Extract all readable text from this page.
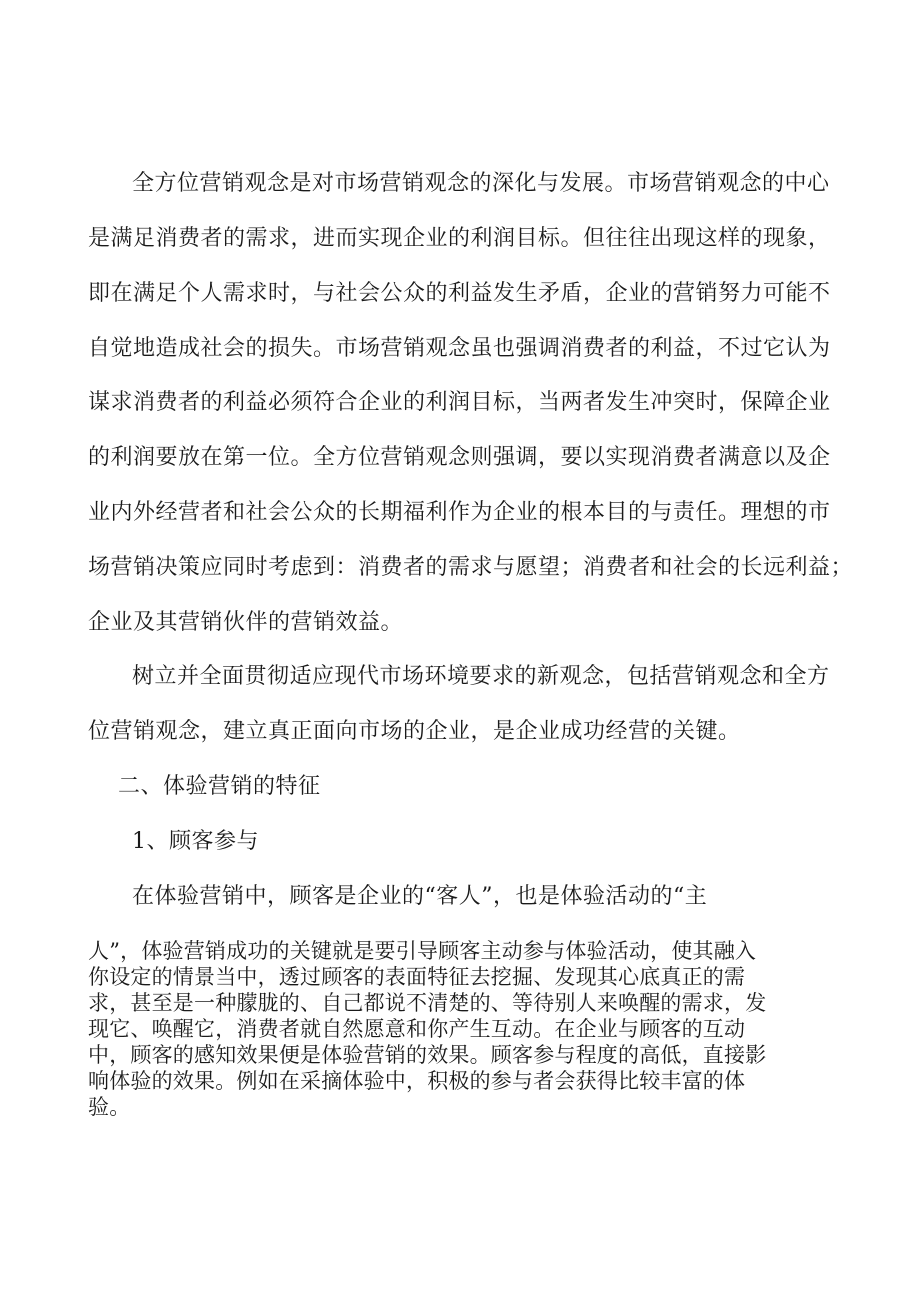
全方位营销观念是对市场营销观念的深化与发展。市场营销观念的中心
是满足消费者的需求，进而实现企业的利润目标。但往往出现这样的现象，
即在满足个人需求时，与社会公众的利益发生矛盾，企业的营销努力可能不
自觉地造成社会的损失。市场营销观念虽也强调消费者的利益，不过它认为
谋求消费者的利益必须符合企业的利润目标，当两者发生冲突时，保障企业
的利润要放在第一位。全方位营销观念则强调，要以实现消费者满意以及企
业内外经营者和社会公众的长期福利作为企业的根本目的与责任。理想的市
场营销决策应同时考虑到：消费者的需求与愿望；消费者和社会的长远利益；
企业及其营销伙伴的营销效益。
树立并全面贯彻适应现代市场环境要求的新观念，包括营销观念和全方
位营销观念，建立真正面向市场的企业，是企业成功经营的关键。
二、体验营销的特征
1、顾客参与
在体验营销中，顾客是企业的“客人”，也是体验活动的“主
人”，体验营销成功的关键就是要引导顾客主动参与体验活动，使其融入
你设定的情景当中，透过顾客的表面特征去挖掘、发现其心底真正的需
求，甚至是一种朦胧的、自己都说不清楚的、等待别人来唤醒的需求，发
现它、唤醒它，消费者就自然愿意和你产生互动。在企业与顾客的互动
中，顾客的感知效果便是体验营销的效果。顾客参与程度的高低，直接影
响体验的效果。例如在采摘体验中，积极的参与者会获得比较丰富的体
验。
